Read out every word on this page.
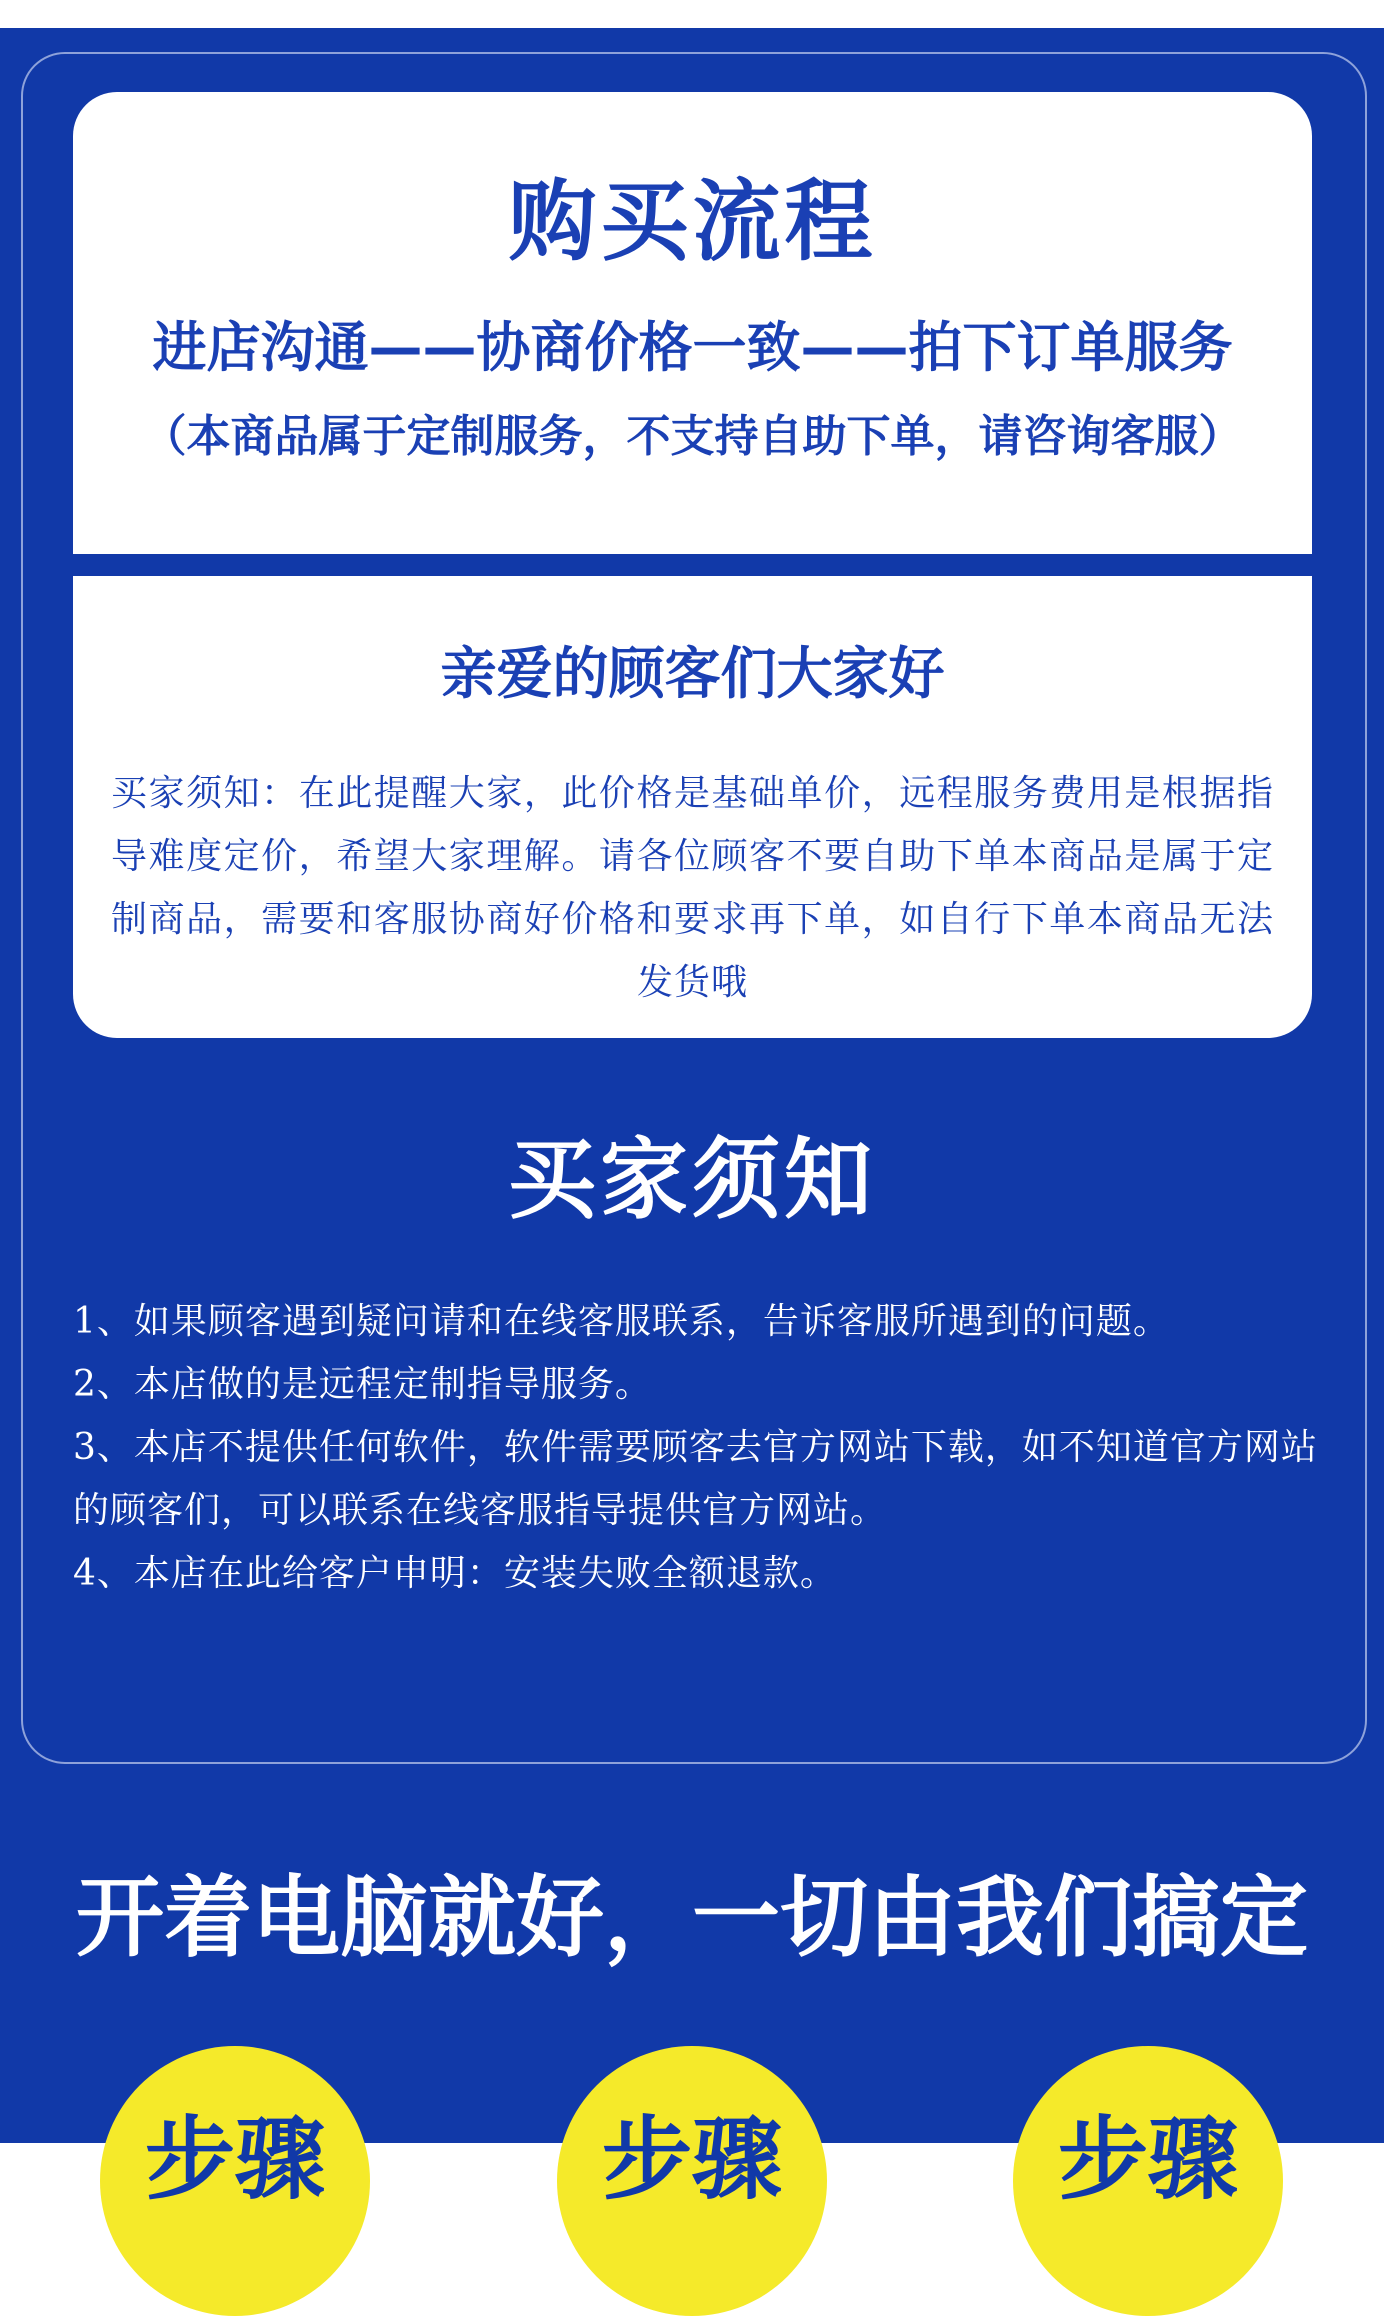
购买流程
进店沟通——协商价格一致——拍下订单服务
（本商品属于定制服务，不支持自助下单，请咨询客服）
亲爱的顾客们大家好
买家须知：在此提醒大家，此价格是基础单价，远程服务费用是根据指导难度定价，希望大家理解。请各位顾客不要自助下单本商品是属于定制商品，需要和客服协商好价格和要求再下单，如自行下单本商品无法发货哦
买家须知

1、如果顾客遇到疑问请和在线客服联系，告诉客服所遇到的问题。

2、本店做的是远程定制指导服务。

3、本店不提供任何软件，软件需要顾客去官方网站下载，如不知道官方网站的顾客们，可以联系在线客服指导提供官方网站。

4、本店在此给客户申明：安装失败全额退款。

开着电脑就好，一切由我们搞定
步骤	步骤	步骤
